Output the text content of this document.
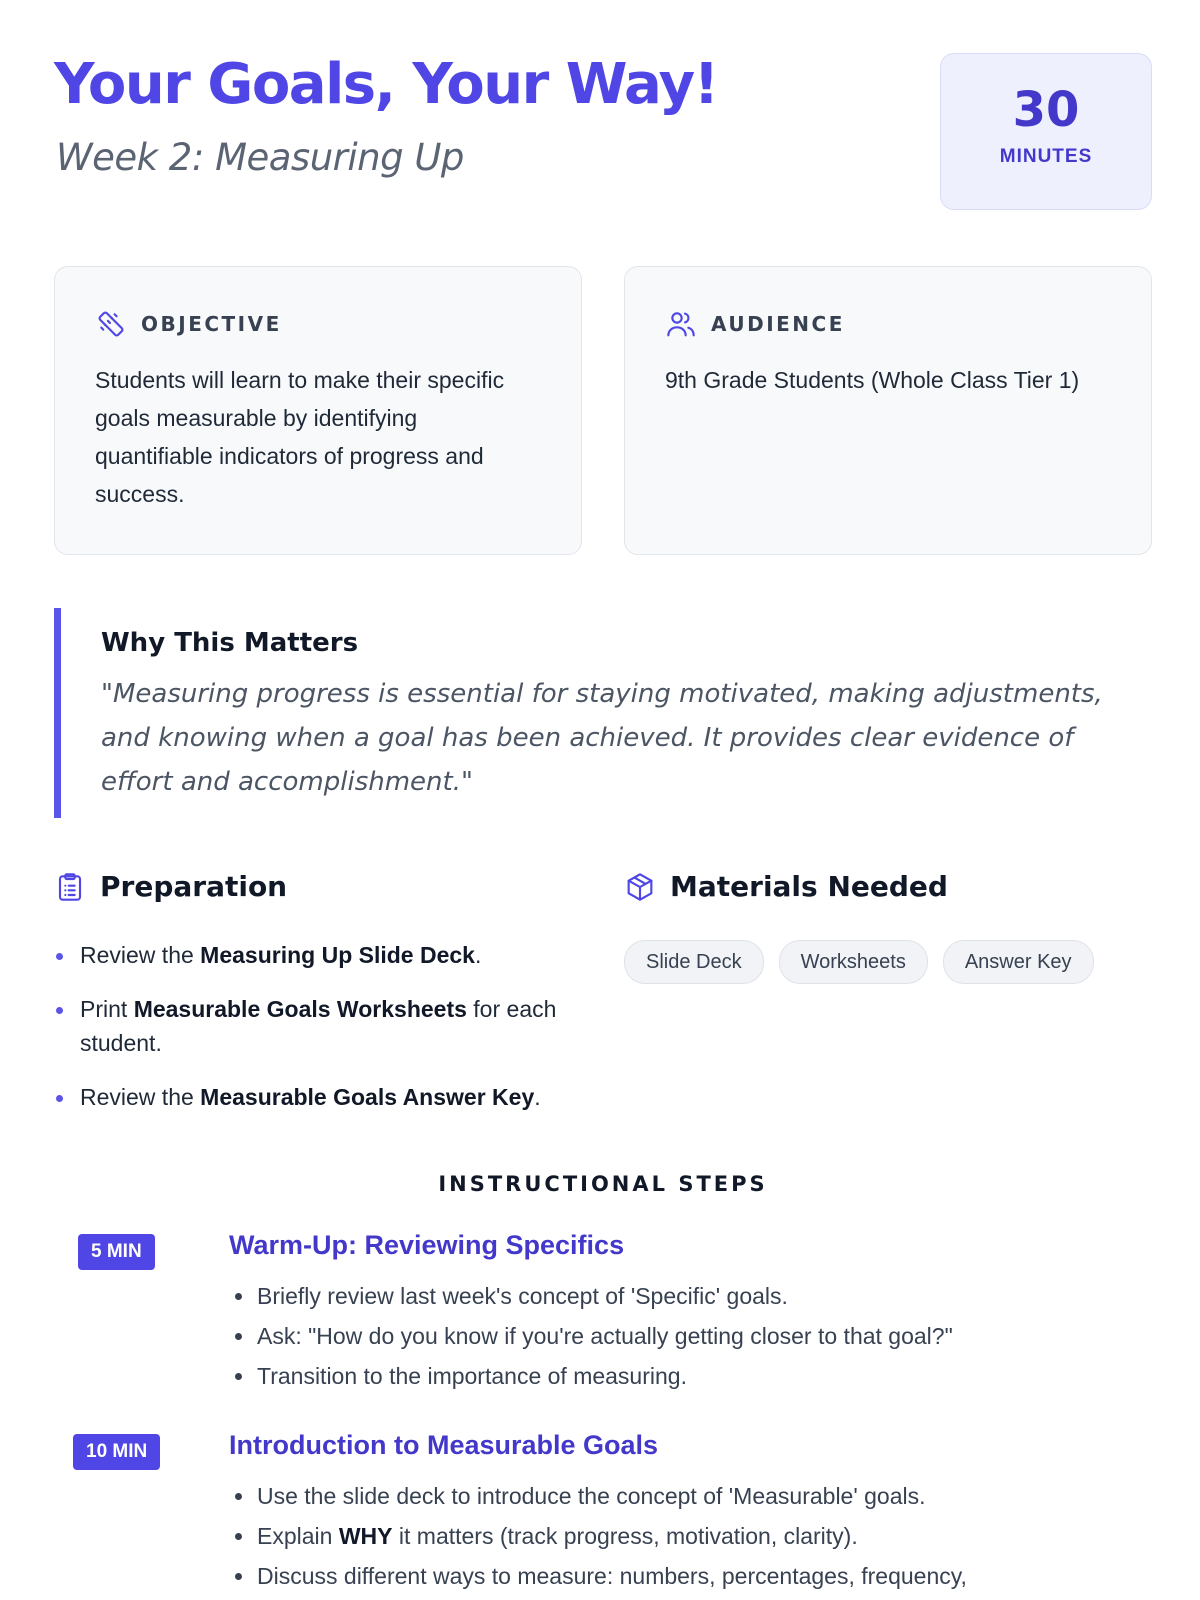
Your Goals, Your Way!
Week 2: Measuring Up
30
MINUTES
OBJECTIVE
Students will learn to make their specific goals measurable by identifying quantifiable indicators of progress and success.
AUDIENCE
9th Grade Students (Whole Class Tier 1)
Why This Matters

"Measuring progress is essential for staying motivated, making adjustments, and knowing when a goal has been achieved. It provides clear evidence of effort and accomplishment."

Preparation
Review the Measuring Up Slide Deck.
Print Measurable Goals Worksheets for each student.
Review the Measurable Goals Answer Key.
Materials Needed
Slide Deck	Worksheets	Answer Key
INSTRUCTIONAL STEPS
5 MIN	Warm-Up: Reviewing Specifics
Briefly review last week's concept of 'Specific' goals.
Ask: "How do you know if you're actually getting closer to that goal?"
Transition to the importance of measuring.
10 MIN	Introduction to Measurable Goals
Use the slide deck to introduce the concept of 'Measurable' goals.
Explain WHY it matters (track progress, motivation, clarity).
Discuss different ways to measure: numbers, percentages, frequency,
